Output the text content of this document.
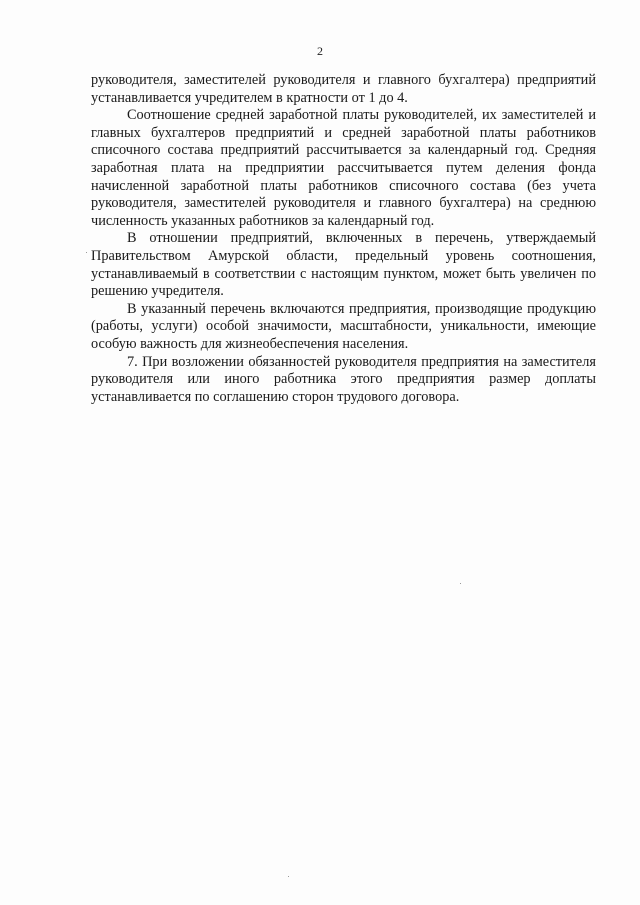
2

руководителя, заместителей руководителя и главного бухгалтера) предприятий устанавливается учредителем в кратности от 1 до 4.

Соотношение средней заработной платы руководителей, их заместителей и главных бухгалтеров предприятий и средней заработной платы работников списочного состава предприятий рассчитывается за календарный год. Средняя заработная плата на предприятии рассчитывается путем деления фонда начисленной заработной платы работников списочного состава (без учета руководителя, заместителей руководителя и главного бухгалтера) на среднюю численность указанных работников за календарный год.

В отношении предприятий, включенных в перечень, утверждаемый Правительством Амурской области, предельный уровень соотношения, устанавливаемый в соответствии с настоящим пунктом, может быть увеличен по решению учредителя.

В указанный перечень включаются предприятия, производящие продукцию (работы, услуги) особой значимости, масштабности, уникальности, имеющие особую важность для жизнеобеспечения населения.

7. При возложении обязанностей руководителя предприятия на заместителя руководителя или иного работника этого предприятия размер доплаты устанавливается по соглашению сторон трудового договора.
